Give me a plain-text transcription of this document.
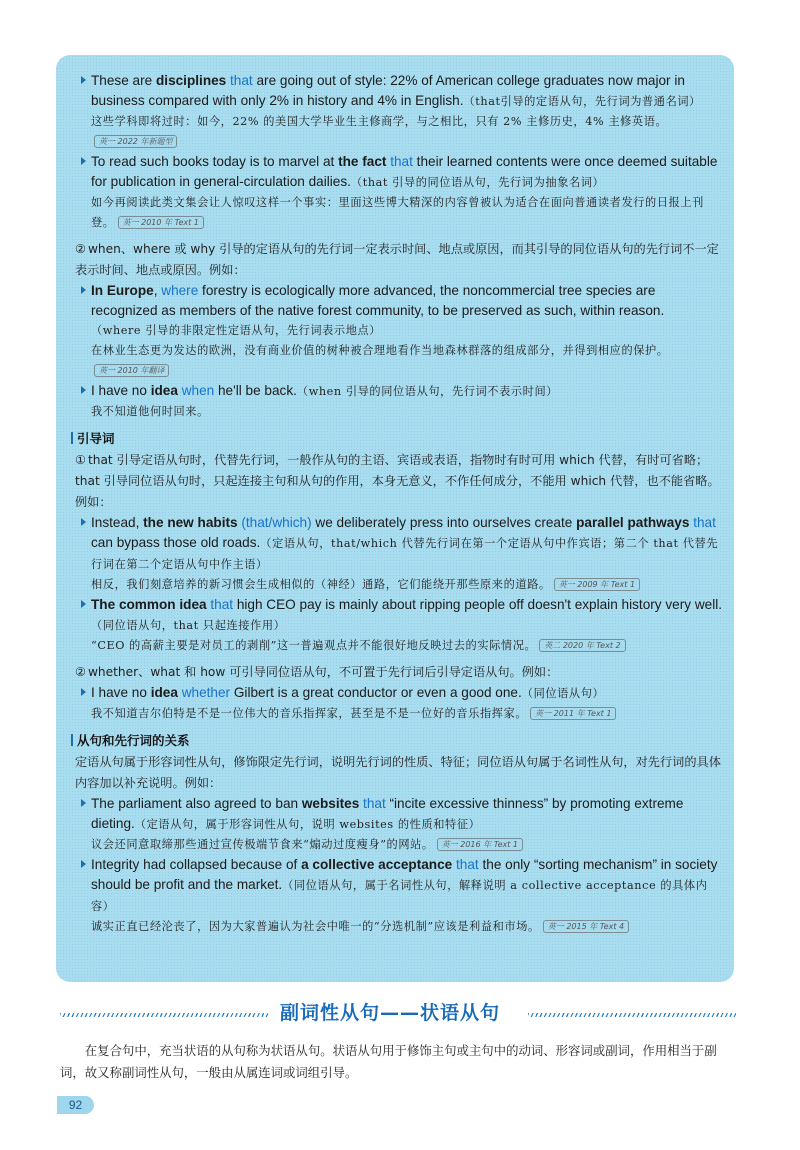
These are disciplines that are going out of style: 22% of American college graduates now major in business compared with only 2% in history and 4% in English.（that引导的定语从句，先行词为普通名词）
这些学科即将过时：如今，22% 的美国大学毕业生主修商学，与之相比，只有 2% 主修历史，4% 主修英语。英一 2022 年新题型
To read such books today is to marvel at the fact that their learned contents were once deemed suitable for publication in general-circulation dailies.（that 引导的同位语从句，先行词为抽象名词）
如今再阅读此类文集会让人惊叹这样一个事实：里面这些博大精深的内容曾被认为适合在面向普通读者发行的日报上刊登。 英一 2010 年 Text 1
② when、where 或 why 引导的定语从句的先行词一定表示时间、地点或原因，而其引导的同位语从句的先行词不一定表示时间、地点或原因。例如：
In Europe, where forestry is ecologically more advanced, the noncommercial tree species are recognized as members of the native forest community, to be preserved as such, within reason.
（where 引导的非限定性定语从句，先行词表示地点）
在林业生态更为发达的欧洲，没有商业价值的树种被合理地看作当地森林群落的组成部分，并得到相应的保护。英一 2010 年翻译
I have no idea when he'll be back.（when 引导的同位语从句，先行词不表示时间）
我不知道他何时回来。
引导词
① that 引导定语从句时，代替先行词，一般作从句的主语、宾语或表语，指物时有时可用 which 代替，有时可省略；that 引导同位语从句时，只起连接主句和从句的作用，本身无意义，不作任何成分，不能用 which 代替，也不能省略。例如：
Instead, the new habits (that/which) we deliberately press into ourselves create parallel pathways that can bypass those old roads.（定语从句，that/which 代替先行词在第一个定语从句中作宾语；第二个 that 代替先行词在第二个定语从句中作主语）
相反，我们刻意培养的新习惯会生成相似的（神经）通路，它们能绕开那些原来的道路。 英一 2009 年 Text 1
The common idea that high CEO pay is mainly about ripping people off doesn't explain history very well.（同位语从句，that 只起连接作用）
“CEO 的高薪主要是对员工的剥削”这一普遍观点并不能很好地反映过去的实际情况。 英二 2020 年 Text 2
② whether、what 和 how 可引导同位语从句，不可置于先行词后引导定语从句。例如：
I have no idea whether Gilbert is a great conductor or even a good one.（同位语从句）
我不知道吉尔伯特是不是一位伟大的音乐指挥家，甚至是不是一位好的音乐指挥家。 英一 2011 年 Text 1
从句和先行词的关系
定语从句属于形容词性从句，修饰限定先行词，说明先行词的性质、特征；同位语从句属于名词性从句，对先行词的具体内容加以补充说明。例如：
The parliament also agreed to ban websites that “incite excessive thinness” by promoting extreme dieting.（定语从句，属于形容词性从句，说明 websites 的性质和特征）
议会还同意取缔那些通过宣传极端节食来“煽动过度瘦身”的网站。 英一 2016 年 Text 1
Integrity had collapsed because of a collective acceptance that the only “sorting mechanism” in society should be profit and the market.（同位语从句，属于名词性从句，解释说明 a collective acceptance 的具体内容）
诚实正直已经沦丧了，因为大家普遍认为社会中唯一的“分选机制”应该是利益和市场。 英一 2015 年 Text 4
副词性从句——状语从句
在复合句中，充当状语的从句称为状语从句。状语从句用于修饰主句或主句中的动词、形容词或副词，作用相当于副词，故又称副词性从句，一般由从属连词或词组引导。
92
